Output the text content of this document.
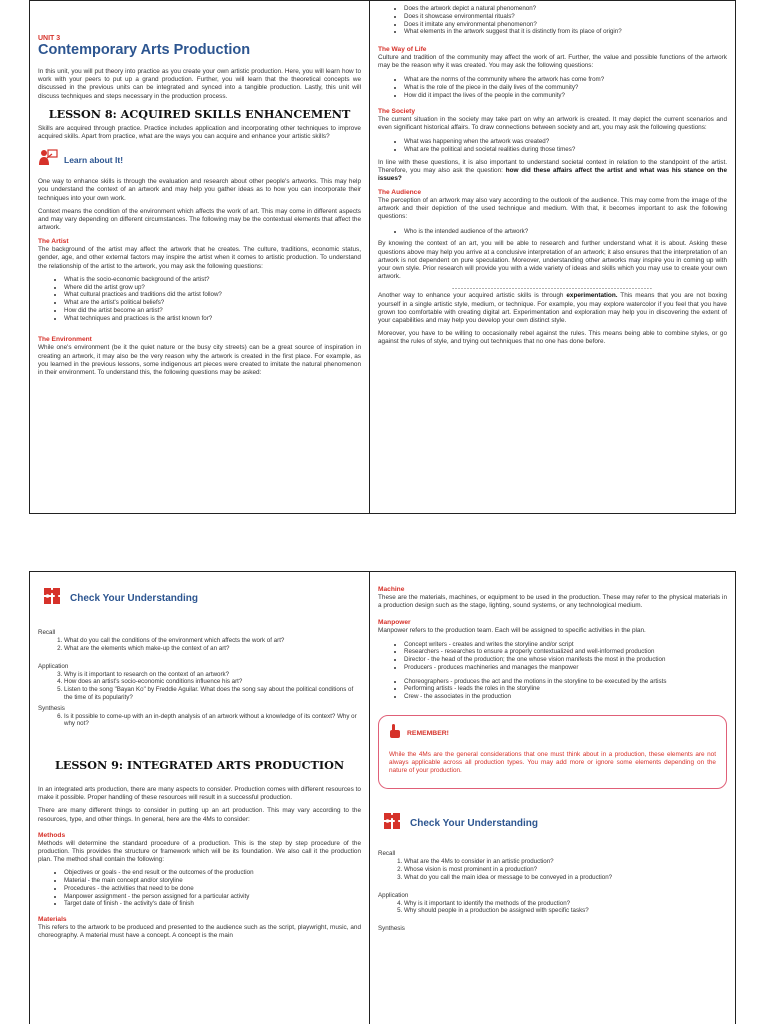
UNIT 3
Contemporary Arts Production

In this unit, you will put theory into practice as you create your own artistic production. Here, you will learn how to work with your peers to put up a grand production. Further, you will learn that the theoretical concepts we discussed in the previous units can be integrated and synced into a tangible production. Lastly, this unit will discuss techniques and steps necessary in the production process.

LESSON 8: ACQUIRED SKILLS ENHANCEMENT

Skills are acquired through practice. Practice includes application and incorporating other techniques to improve acquired skills. Apart from practice, what are the ways you can acquire and enhance your artistic skills?

Learn about It!

One way to enhance skills is through the evaluation and research about other people's artworks. This may help you understand the context of an artwork and may help you gather ideas as to how you can incorporate their techniques into your own work.

Context means the condition of the environment which affects the work of art. This may come in different aspects and may vary depending on different circumstances. The following may be the contextual elements that affect the artwork.

The Artist

The background of the artist may affect the artwork that he creates. The culture, traditions, economic status, gender, age, and other external factors may inspire the artist when it comes to artistic production. To understand the relationship of the artist to the artwork, you may ask the following questions:

• What is the socio-economic background of the artist?
• Where did the artist grow up?
• What cultural practices and traditions did the artist follow?
• What are the artist's political beliefs?
• How did the artist become an artist?
• What techniques and practices is the artist known for?
The Environment

While one's environment (be it the quiet nature or the busy city streets) can be a great source of inspiration in creating an artwork, it may also be the very reason why the artwork is created in the first place. For example, as you learned in the previous lessons, some indigenous art pieces were created to imitate the natural phenomenon in their environment. To understand this, the following questions may be asked:

• Does the artwork depict a natural phenomenon?
• Does it showcase environmental rituals?
• Does it imitate any environmental phenomenon?
• What elements in the artwork suggest that it is distinctly from its place of origin?
The Way of Life

Culture and tradition of the community may affect the work of art. Further, the value and possible functions of the artwork may be the reason why it was created. You may ask the following questions:

• What are the norms of the community where the artwork has come from?
• What is the role of the piece in the daily lives of the community?
• How did it impact the lives of the people in the community?
The Society

The current situation in the society may take part on why an artwork is created. It may depict the current scenarios and even significant historical affairs. To draw connections between society and art, you may ask the following questions:

• What was happening when the artwork was created?
• What are the political and societal realities during those times?

In line with these questions, it is also important to understand societal context in relation to the standpoint of the artist. Therefore, you may also ask the question: how did these affairs affect the artist and what was his stance on the issues?

The Audience

The perception of an artwork may also vary according to the outlook of the audience. This may come from the image of the artwork and their depiction of the used technique and medium. With that, it becomes important to ask the following questions:

• Who is the intended audience of the artwork?

By knowing the context of an art, you will be able to research and further understand what it is about. Asking these questions above may help you arrive at a conclusive interpretation of an artwork; it also ensures that the interpretation of an artwork is not dependent on pure speculation. Moreover, understanding other artworks may inspire you in coming up with your own style. Prior research will provide you with a wide variety of ideas and skills which you may use to create your own artwork.

-------------------------------------------------------------------

Another way to enhance your acquired artistic skills is through experimentation. This means that you are not boxing yourself in a single artistic style, medium, or technique. For example, you may explore watercolor if you feel that you have grown too comfortable with creating digital art. Experimentation and exploration may help you in discovering the extent of your capabilities and may help you develop your own distinct style.

Moreover, you have to be willing to occasionally rebel against the rules. This means being able to combine styles, or go against the rules of style, and trying out techniques that no one has done before.

Check Your Understanding
Recall
1. What do you call the conditions of the environment which affects the work of art?
2. What are the elements which make-up the context of an art?
Application
3. Why is it important to research on the context of an artwork?
4. How does an artist's socio-economic conditions influence his art?
5. Listen to the song "Bayan Ko" by Freddie Aguilar. What does the song say about the political conditions of the time of its popularity?
Synthesis
6. Is it possible to come-up with an in-depth analysis of an artwork without a knowledge of its context? Why or why not?
LESSON 9: INTEGRATED ARTS PRODUCTION

In an integrated arts production, there are many aspects to consider. Production comes with different resources to make it possible. Proper handling of these resources will result in a successful production.

There are many different things to consider in putting up an art production. This may vary according to the resources, type, and other things. In general, here are the 4Ms to consider:

Methods

Methods will determine the standard procedure of a production. This is the step by step procedure of the production. This provides the structure or framework which will be its foundation. We also call it the production plan. The method shall contain the following:

• Objectives or goals - the end result or the outcomes of the production
• Material - the main concept and/or storyline
• Procedures - the activities that need to be done
• Manpower assignment - the person assigned for a particular activity
• Target date of finish - the activity's date of finish
Materials

This refers to the artwork to be produced and presented to the audience such as the script, playwright, music, and choreography. A material must have a concept. A concept is the main

Machine

These are the materials, machines, or equipment to be used in the production. These may refer to the physical materials in a production design such as the stage, lighting, sound systems, or any technological medium.

Manpower

Manpower refers to the production team. Each will be assigned to specific activities in the plan.

• Concept writers - creates and writes the storyline and/or script
• Researchers - researches to ensure a properly contextualized and well-informed production
• Director - the head of the production; the one whose vision manifests the most in the production
• Producers - produces machineries and manages the manpower
• Choreographers - produces the act and the motions in the storyline to be executed by the artists
• Performing artists - leads the roles in the storyline
• Crew - the associates in the production
REMEMBER!

While the 4Ms are the general considerations that one must think about in a production, these elements are not always applicable across all production types. You may add more or ignore some elements depending on the nature of your production.

Check Your Understanding
Recall
1. What are the 4Ms to consider in an artistic production?
2. Whose vision is most prominent in a production?
3. What do you call the main idea or message to be conveyed in a production?
Application
4. Why is it important to identify the methods of the production?
5. Why should people in a production be assigned with specific tasks?
Synthesis
